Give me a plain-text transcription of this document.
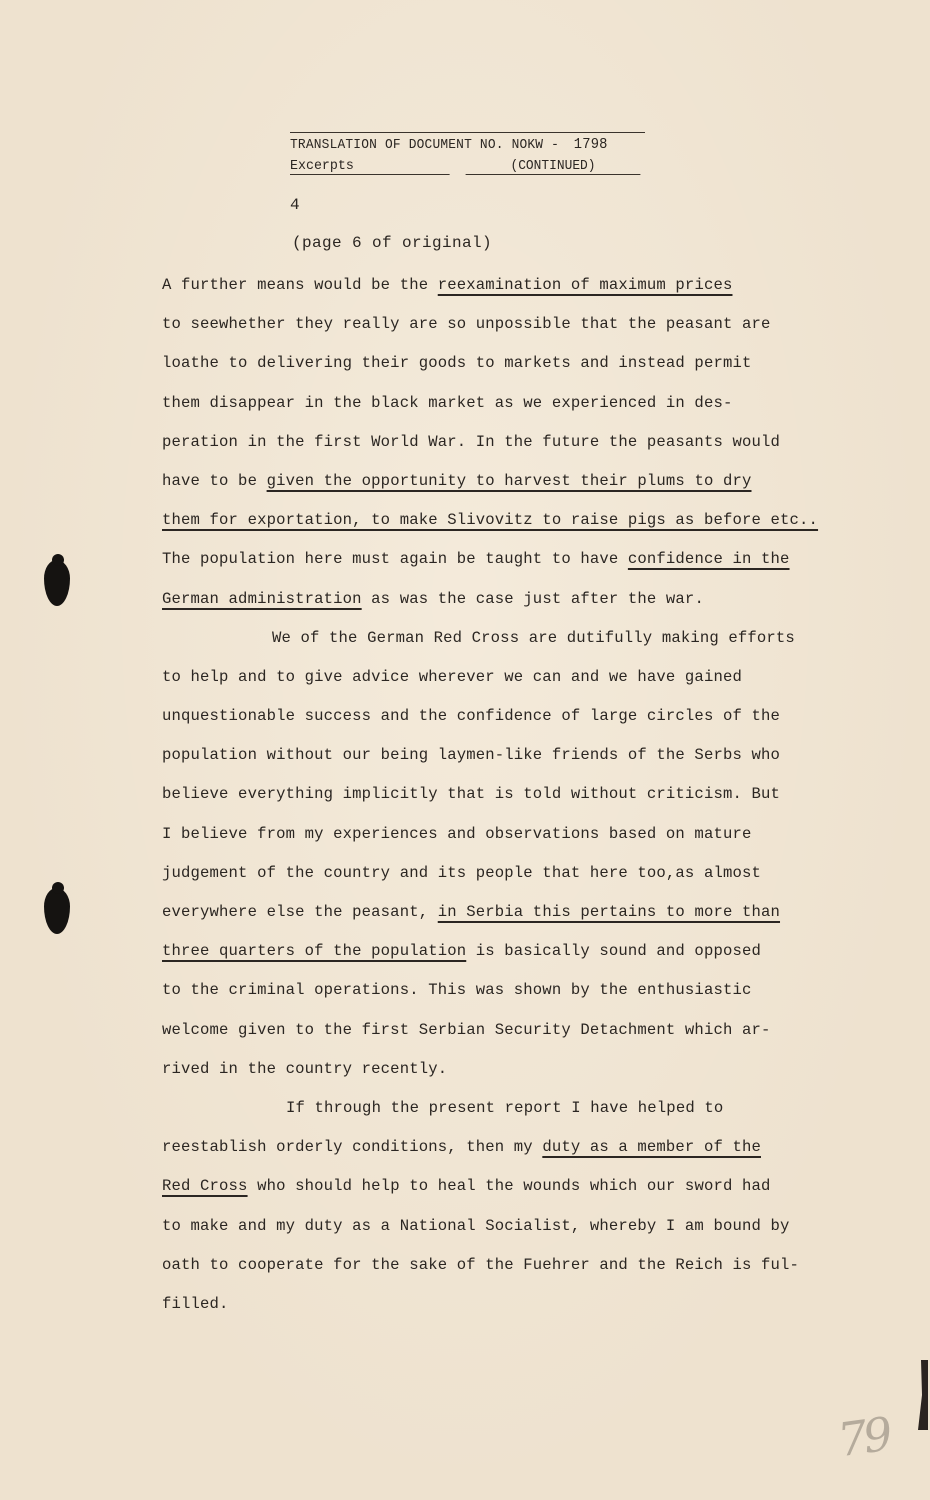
TRANSLATION OF DOCUMENT NO. NOKW - 1798
Excerpts	(CONTINUED)
4
(page 6 of original)
A further means would be the reexamination of maximum prices
to seewhether they really are so unpossible that the peasant are
loathe to delivering their goods to markets and instead permit
them disappear in the black market as we experienced in des-
peration in the first World War. In the future the peasants would
have to be given the opportunity to harvest their plums to dry
them for exportation, to make Slivovitz to raise pigs as before etc..
The population here must again be taught to have confidence in the
German administration as was the case just after the war.
We of the German Red Cross are dutifully making efforts
to help and to give advice wherever we can and we have gained
unquestionable success and the confidence of large circles of the
population without our being laymen-like friends of the Serbs who
believe everything implicitly that is told without criticism. But
I believe from my experiences and observations based on mature
judgement of the country and its people that here too,as almost
everywhere else the peasant, in Serbia this pertains to more than
three quarters of the population is basically sound and opposed
to the criminal operations. This was shown by the enthusiastic
welcome given to the first Serbian Security Detachment which ar-
rived in the country recently.
If through the present report I have helped to
reestablish orderly conditions, then my duty as a member of the
Red Cross who should help to heal the wounds which our sword had
to make and my duty as a National Socialist, whereby I am bound by
oath to cooperate for the sake of the Fuehrer and the Reich is ful-
filled.
79
